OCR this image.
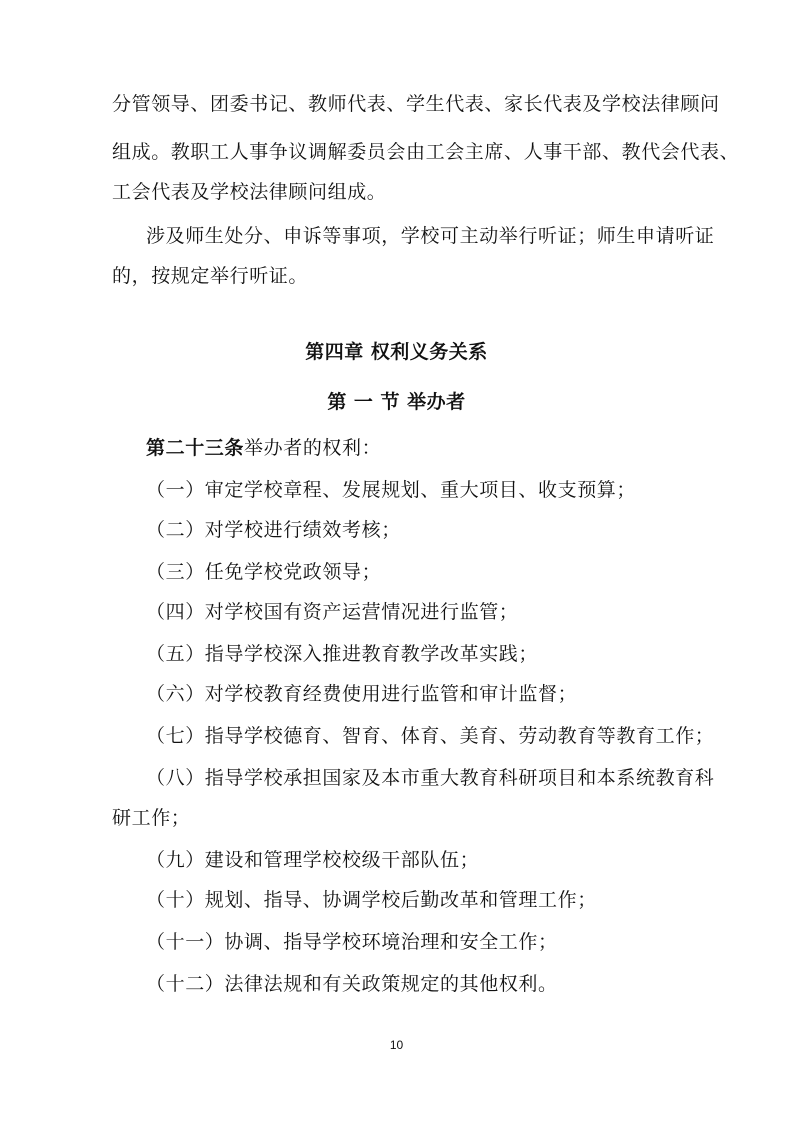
分管领导、团委书记、教师代表、学生代表、家长代表及学校法律顾问
组成。教职工人事争议调解委员会由工会主席、人事干部、教代会代表、
工会代表及学校法律顾问组成。
涉及师生处分、申诉等事项，学校可主动举行听证；师生申请听证
的，按规定举行听证。
第四章 权利义务关系
第 一 节 举办者
第二十三条举办者的权利：
（一）审定学校章程、发展规划、重大项目、收支预算；
（二）对学校进行绩效考核；
（三）任免学校党政领导；
（四）对学校国有资产运营情况进行监管；
（五）指导学校深入推进教育教学改革实践；
（六）对学校教育经费使用进行监管和审计监督；
（七）指导学校德育、智育、体育、美育、劳动教育等教育工作；
（八）指导学校承担国家及本市重大教育科研项目和本系统教育科
研工作；
（九）建设和管理学校校级干部队伍；
（十）规划、指导、协调学校后勤改革和管理工作；
（十一）协调、指导学校环境治理和安全工作；
（十二）法律法规和有关政策规定的其他权利。
10
